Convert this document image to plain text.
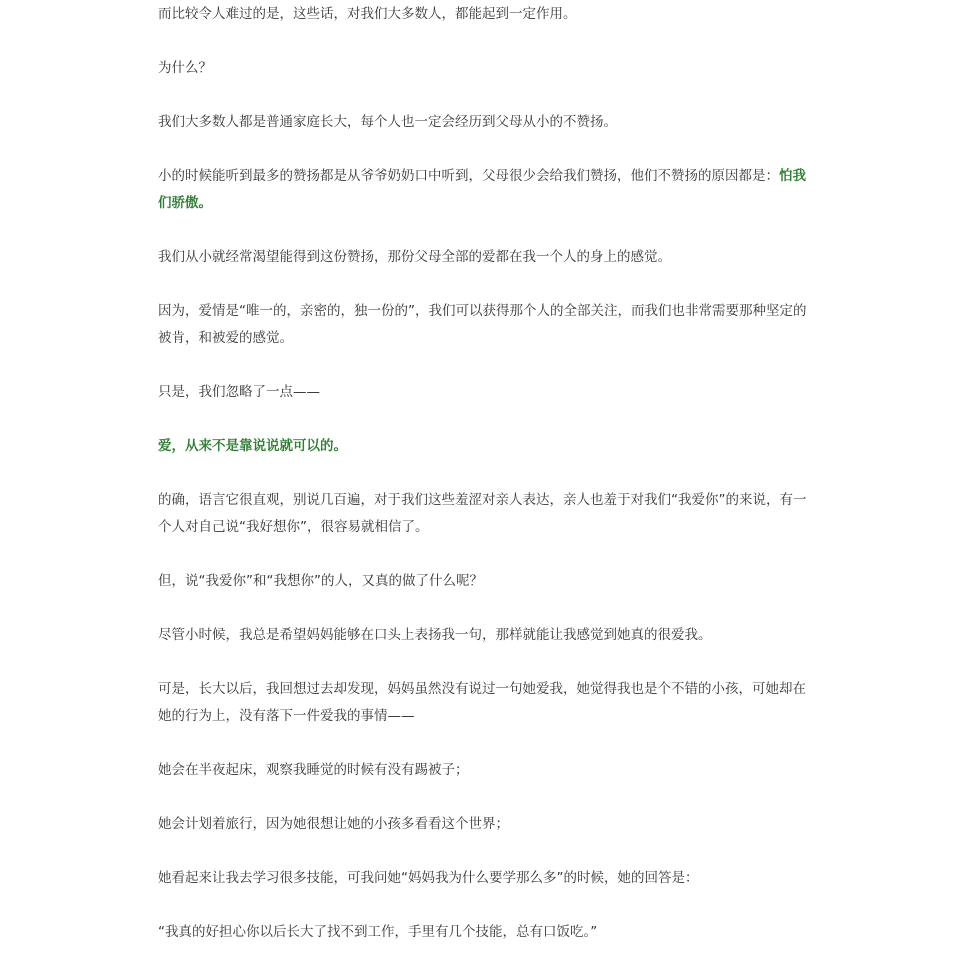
而比较令人难过的是，这些话，对我们大多数人，都能起到一定作用。

为什么？

我们大多数人都是普通家庭长大，每个人也一定会经历到父母从小的不赞扬。

小的时候能听到最多的赞扬都是从爷爷奶奶口中听到，父母很少会给我们赞扬，他们不赞扬的原因都是：怕我们骄傲。

我们从小就经常渴望能得到这份赞扬，那份父母全部的爱都在我一个人的身上的感觉。

因为，爱情是“唯一的，亲密的，独一份的”，我们可以获得那个人的全部关注，而我们也非常需要那种坚定的被肯，和被爱的感觉。

只是，我们忽略了一点——

爱，从来不是靠说说就可以的。

的确，语言它很直观，别说几百遍，对于我们这些羞涩对亲人表达，亲人也羞于对我们“我爱你”的来说，有一个人对自己说“我好想你”，很容易就相信了。

但，说“我爱你”和“我想你”的人，又真的做了什么呢？

尽管小时候，我总是希望妈妈能够在口头上表扬我一句，那样就能让我感觉到她真的很爱我。

可是，长大以后，我回想过去却发现，妈妈虽然没有说过一句她爱我，她觉得我也是个不错的小孩，可她却在她的行为上，没有落下一件爱我的事情——

她会在半夜起床，观察我睡觉的时候有没有踢被子；

她会计划着旅行，因为她很想让她的小孩多看看这个世界；

她看起来让我去学习很多技能，可我问她“妈妈我为什么要学那么多”的时候，她的回答是：

“我真的好担心你以后长大了找不到工作，手里有几个技能，总有口饭吃。”
